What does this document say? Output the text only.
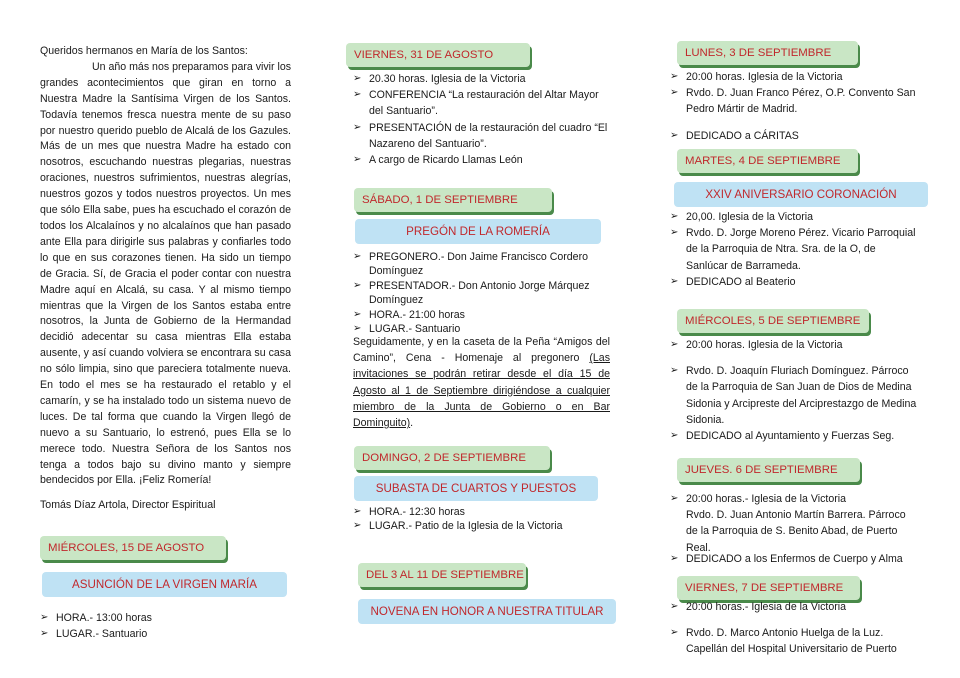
Queridos hermanos en María de los Santos:
Un año más nos preparamos para vivir los grandes acontecimientos que giran en torno a Nuestra Madre la Santísima Virgen de los Santos. Todavía tenemos fresca nuestra mente de su paso por nuestro querido pueblo de Alcalá de los Gazules. Más de un mes que nuestra Madre ha estado con nosotros, escuchando nuestras plegarias, nuestras oraciones, nuestros sufrimientos, nuestras alegrías, nuestros gozos y todos nuestros proyectos. Un mes que sólo Ella sabe, pues ha escuchado el corazón de todos los Alcalaínos y no alcalaínos que han pasado ante Ella para dirigirle sus palabras y confiarles todo lo que en sus corazones tienen. Ha sido un tiempo de Gracia. Sí, de Gracia el poder contar con nuestra Madre aquí en Alcalá, su casa. Y al mismo tiempo mientras que la Virgen de los Santos estaba entre nosotros, la Junta de Gobierno de la Hermandad decidió adecentar su casa mientras Ella estaba ausente, y así cuando volviera se encontrara su casa no sólo limpia, sino que pareciera totalmente nueva. En todo el mes se ha restaurado el retablo y el camarín, y se ha instalado todo un sistema nuevo de luces. De tal forma que cuando la Virgen llegó de nuevo a su Santuario, lo estrenó, pues Ella se lo merece todo. Nuestra Señora de los Santos nos tenga a todos bajo su divino manto y siempre bendecidos por Ella. ¡Feliz Romería!
Tomás Díaz Artola, Director Espiritual
MIÉRCOLES, 15 DE AGOSTO
ASUNCIÓN DE LA VIRGEN MARÍA
➢ HORA.- 13:00 horas
➢ LUGAR.- Santuario
VIERNES, 31 DE AGOSTO
➢ 20.30 horas. Iglesia de la Victoria
➢ CONFERENCIA “La restauración del Altar Mayor del Santuario”.
➢ PRESENTACIÓN de la restauración del cuadro “El Nazareno del Santuario”.
➢ A cargo de Ricardo Llamas León
SÁBADO, 1 DE SEPTIEMBRE
PREGÓN DE LA ROMERÍA
➢ PREGONERO.- Don Jaime Francisco Cordero Domínguez
➢ PRESENTADOR.- Don Antonio Jorge Márquez Domínguez
➢ HORA.- 21:00 horas
➢ LUGAR.- Santuario
Seguidamente, y en la caseta de la Peña “Amigos del Camino”, Cena - Homenaje al pregonero (Las invitaciones se podrán retirar desde el día 15 de Agosto al 1 de Septiembre dirigiéndose a cualquier miembro de la Junta de Gobierno o en Bar Dominguito).
DOMINGO, 2 DE SEPTIEMBRE
SUBASTA DE CUARTOS Y PUESTOS
➢ HORA.- 12:30 horas
➢ LUGAR.- Patio de la Iglesia de la Victoria
DEL 3 AL 11 DE SEPTIEMBRE
NOVENA EN HONOR A NUESTRA TITULAR
LUNES, 3 DE SEPTIEMBRE
➢ 20:00 horas. Iglesia de la Victoria
➢ Rvdo. D. Juan Franco Pérez, O.P. Convento San Pedro Mártir de Madrid.
➢ DEDICADO a CÁRITAS
MARTES, 4 DE SEPTIEMBRE
XXIV ANIVERSARIO CORONACIÓN
➢ 20,00. Iglesia de la Victoria
➢ Rvdo. D. Jorge Moreno Pérez. Vicario Parroquial de la Parroquia de Ntra. Sra. de la O, de Sanlúcar de Barrameda.
➢ DEDICADO al Beaterio
MIÉRCOLES, 5 DE SEPTIEMBRE
➢ 20:00 horas. Iglesia de la Victoria
➢ Rvdo. D. Joaquín Fluriach Domínguez. Párroco de la Parroquia de San Juan de Dios de Medina Sidonia y Arcipreste del Arciprestazgo de Medina Sidonia.
➢ DEDICADO al Ayuntamiento y Fuerzas Seg.
JUEVES. 6 DE SEPTIEMBRE
➢ 20:00 horas.- Iglesia de la Victoria
Rvdo. D. Juan Antonio Martín Barrera. Párroco de la Parroquia de S. Benito Abad, de Puerto Real.
➢ DEDICADO a los Enfermos de Cuerpo y Alma
VIERNES, 7 DE SEPTIEMBRE
➢ 20:00 horas.- Iglesia de la Victoria
➢ Rvdo. D. Marco Antonio Huelga de la Luz. Capellán del Hospital Universitario de Puerto
